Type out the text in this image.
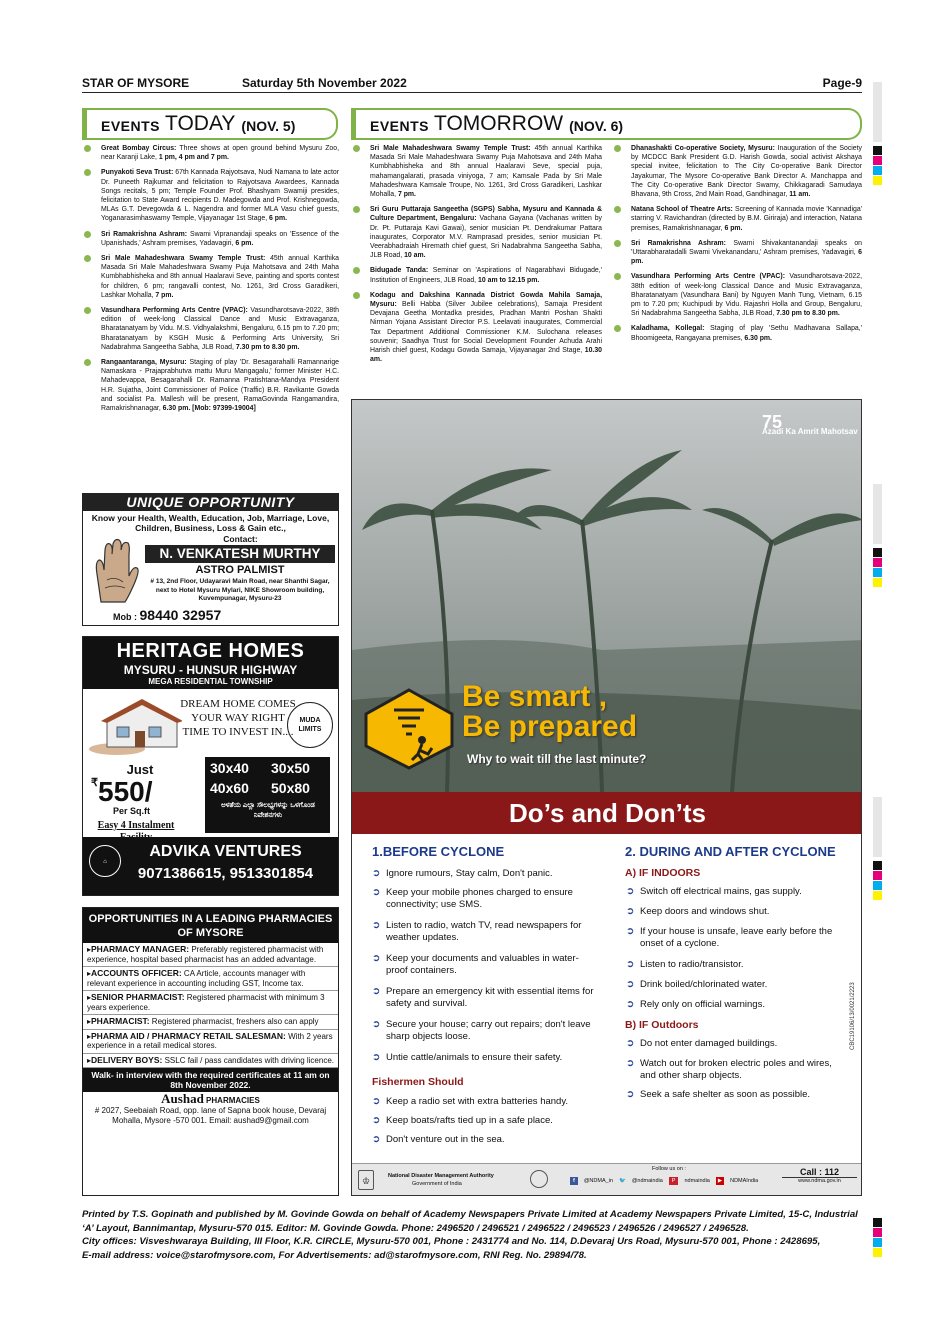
STAR OF MYSORE	Saturday 5th November 2022	Page-9
EVENTS TODAY (NOV. 5)
Great Bombay Circus: Three shows at open ground behind Mysuru Zoo, near Karanji Lake, 1 pm, 4 pm and 7 pm.
Punyakoti Seva Trust: 67th Kannada Rajyotsava, Nudi Namana to late actor Dr. Puneeth Rajkumar and felicitation to Rajyotsava Awardees, Kannada Songs recitals, 5 pm; Temple Founder Prof. Bhashyam Swamiji presides, felicitation to State Award recipients D. Madegowda and Prof. Krishnegowda, MLAs G.T. Devegowda & L. Nagendra and former MLA Vasu chief guests, Yoganarasimhaswamy Temple, Vijayanagar 1st Stage, 6 pm.
Sri Ramakrishna Ashram: Swami Vipranandaji speaks on 'Essence of the Upanishads,' Ashram premises, Yadavagiri, 6 pm.
Sri Male Mahadeshwara Swamy Temple Trust: 45th annual Karthika Masada Sri Male Mahadeshwara Swamy Puja Mahotsava and 24th Maha Kumbhabhisheka and 8th annual Haalaravi Seve, painting and sports contest for children, 6 pm; rangavalli contest, No. 1261, 3rd Cross Garadikeri, Lashkar Mohalla, 7 pm.
Vasundhara Performing Arts Centre (VPAC): Vasundharotsava-2022, 38th edition of week-long Classical Dance and Music Extravaganza, Bharatanatyam by Vidu. M.S. Vidhyalakshmi, Bengaluru, 6.15 pm to 7.20 pm; Bharatanatyam by KSGH Music & Performing Arts University, Sri Nadabrahma Sangeetha Sabha, JLB Road, 7.30 pm to 8.30 pm.
Rangaantaranga, Mysuru: Staging of play 'Dr. Besagarahalli Ramannarige Namaskara - Prajaprabhutva mattu Muru Mangagalu,' former Minister H.C. Mahadevappa, Besagarahalli Dr. Ramanna Pratishtana-Mandya President H.R. Sujatha, Joint Commissioner of Police (Traffic) B.R. Ravikante Gowda and socialist Pa. Mallesh will be present, RamaGovinda Rangamandira, Ramakrishnanagar, 6.30 pm. [Mob: 97399-19004]
EVENTS TOMORROW (NOV. 6)
Sri Male Mahadeshwara Swamy Temple Trust: 45th annual Karthika Masada Sri Male Mahadeshwara Swamy Puja Mahotsava and 24th Maha Kumbhabhisheka and 8th annual Haalaravi Seve, special puja, mahamangalarati, prasada viniyoga, 7 am; Kamsale Pada by Sri Male Mahadeshwara Kamsale Troupe, No. 1261, 3rd Cross Garadikeri, Lashkar Mohalla, 7 pm.
Sri Guru Puttaraja Sangeetha (SGPS) Sabha, Mysuru and Kannada & Culture Department, Bengaluru: Vachana Gayana (Vachanas written by Dr. Pt. Puttaraja Kavi Gawai), senior musician Pt. Dendrakumar Pattara inaugurates, Corporator M.V. Ramprasad presides, senior musician Pt. Veerabhadraiah Hiremath chief guest, Sri Nadabrahma Sangeetha Sabha, JLB Road, 10 am.
Bidugade Tanda: Seminar on 'Aspirations of Nagarabhavi Bidugade,' Institution of Engineers, JLB Road, 10 am to 12.15 pm.
Kodagu and Dakshina Kannada District Gowda Mahila Samaja, Mysuru: Belli Habba (Silver Jubilee celebrations), Samaja President Devajana Geetha Montadka presides, Pradhan Mantri Poshan Shakti Nirman Yojana Assistant Director P.S. Leelavati inaugurates, Commercial Tax Department Additional Commissioner K.M. Sulochana releases souvenir; Saadhya Trust for Social Development Founder Achuda Arahi Harish chief guest, Kodagu Gowda Samaja, Vijayanagar 2nd Stage, 10.30 am.
Dhanashakti Co-operative Society, Mysuru: Inauguration of the Society by MCDCC Bank President G.D. Harish Gowda, social activist Akshaya special invitee, felicitation to The City Co-operative Bank Director Jayakumar, The Mysore Co-operative Bank Director A. Manchappa and The City Co-operative Bank Director Swamy, Chikkagaradi Samudaya Bhavana, 9th Cross, 2nd Main Road, Gandhinagar, 11 am.
Natana School of Theatre Arts: Screening of Kannada movie 'Kannadiga' starring V. Ravichandran (directed by B.M. Giriraja) and interaction, Natana premises, Ramakrishnanagar, 6 pm.
Sri Ramakrishna Ashram: Swami Shivakantanandaji speaks on 'Uttarabharatadalli Swami Vivekanandaru,' Ashram premises, Yadavagiri, 6 pm.
Vasundhara Performing Arts Centre (VPAC): Vasundharotsava-2022, 38th edition of week-long Classical Dance and Music Extravaganza, Bharatanatyam (Vasundhara Bani) by Nguyen Manh Tung, Vietnam, 6.15 pm to 7.20 pm; Kuchipudi by Vidu. Rajashri Holla and Group, Bengaluru, Sri Nadabrahma Sangeetha Sabha, JLB Road, 7.30 pm to 8.30 pm.
Kaladhama, Kollegal: Staging of play 'Sethu Madhavana Sallapa,' Bhoomigeeta, Rangayana premises, 6.30 pm.
UNIQUE OPPORTUNITY
Know your Health, Wealth, Education, Job, Marriage, Love, Children, Business, Loss & Gain etc.,
Contact:
N. VENKATESH MURTHY
ASTRO PALMIST
# 13, 2nd Floor, Udayaravi Main Road, near Shanthi Sagar, next to Hotel Mysuru Mylari, NIKE Showroom building, Kuvempunagar, Mysuru-23
Mob : 98440 32957
HERITAGE HOMES
MYSURU - HUNSUR HIGHWAY
MEGA RESIDENTIAL TOWNSHIP
DREAM HOME COMES YOUR WAY RIGHT TIME TO INVEST IN....
MUDA LIMITS
Just
₹550/
Per Sq.ft
Easy 4 Instalment
30x40 30x50
40x60 50x80
ಅಳತೆಯ ಎಲ್ಲಾ ಸೌಲಭ್ಯಗಳನ್ನು ಒಳಗೊಂಡ ನಿವೇಶನಗಳು
⌂
ADVIKA VENTURES
9071386615, 9513301854
OPPORTUNITIES IN A LEADING PHARMACIES OF MYSORE
▸PHARMACY MANAGER: Preferably registered pharmacist with experience, hospital based pharmacist has an added advantage.
▸ACCOUNTS OFFICER: CA Article, accounts manager with relevant experience in accounting including GST, Income tax.
▸SENIOR PHARMACIST: Registered pharmacist with minimum 3 years experience.
▸PHARMACIST: Registered pharmacist, freshers also can apply
▸PHARMA AID / PHARMACY RETAIL SALESMAN: With 2 years experience in a retail medical stores.
▸DELIVERY BOYS: SSLC fail / pass candidates with driving licence.
Walk- in interview with the required certificates at 11 am on 8th November 2022.
Aushad PHARMACIES
# 2027, Seebaiah Road, opp. lane of Sapna book house, Devaraj Mohalla, Mysore -570 001. Email: aushad9@gmail.com
75
Azadi Ka Amrit Mahotsav
Be smart ,
Be prepared
Why to wait till the last minute?
Do’s and Don’ts
1.BEFORE CYCLONE
➲ Ignore rumours, Stay calm, Don't panic.
➲ Keep your mobile phones charged to ensure connectivity; use SMS.
➲ Listen to radio, watch TV, read newspapers for weather updates.
➲ Keep your documents and valuables in water-proof containers.
➲ Prepare an emergency kit with essential items for safety and survival.
➲ Secure your house; carry out repairs; don't leave sharp objects loose.
➲ Untie cattle/animals to ensure their safety.
Fishermen Should
➲ Keep a radio set with extra batteries handy.
➲ Keep boats/rafts tied up in a safe place.
➲ Don't venture out in the sea.
2. DURING AND AFTER CYCLONE
A) IF INDOORS
➲ Switch off electrical mains, gas supply.
➲ Keep doors and windows shut.
➲ If your house is unsafe, leave early before the onset of a cyclone.
➲ Listen to radio/transistor.
➲ Drink boiled/chlorinated water.
➲ Rely only on official warnings.
B) IF Outdoors
➲ Do not enter damaged buildings.
➲ Watch out for broken electric poles and wires, and other sharp objects.
➲ Seek a safe shelter as soon as possible.
CBC19106/13/0021/2223
♔	National Disaster Management Authority
Government of India
Follow us on :
f	@NDMA_in 🐦 @ndmaindia	P	ndmaindia	▶	NDMAIndia
Call : 112
www.ndma.gov.in
Printed by T.S. Gopinath and published by M. Govinde Gowda on behalf of Academy Newspapers Private Limited at Academy Newspapers Private Limited, 15-C, Industrial ‘A’ Layout, Bannimantap, Mysuru-570 015. Editor: M. Govinde Gowda. Phone: 2496520 / 2496521 / 2496522 / 2496523 / 2496526 / 2496527 / 2496528.
City offices: Visveshwaraya Building, III Floor, K.R. CIRCLE, Mysuru-570 001, Phone : 2431774 and No. 114, D.Devaraj Urs Road, Mysuru-570 001, Phone : 2428695,
E-mail address: voice@starofmysore.com, For Advertisements: ad@starofmysore.com, RNI Reg. No. 29894/78.
